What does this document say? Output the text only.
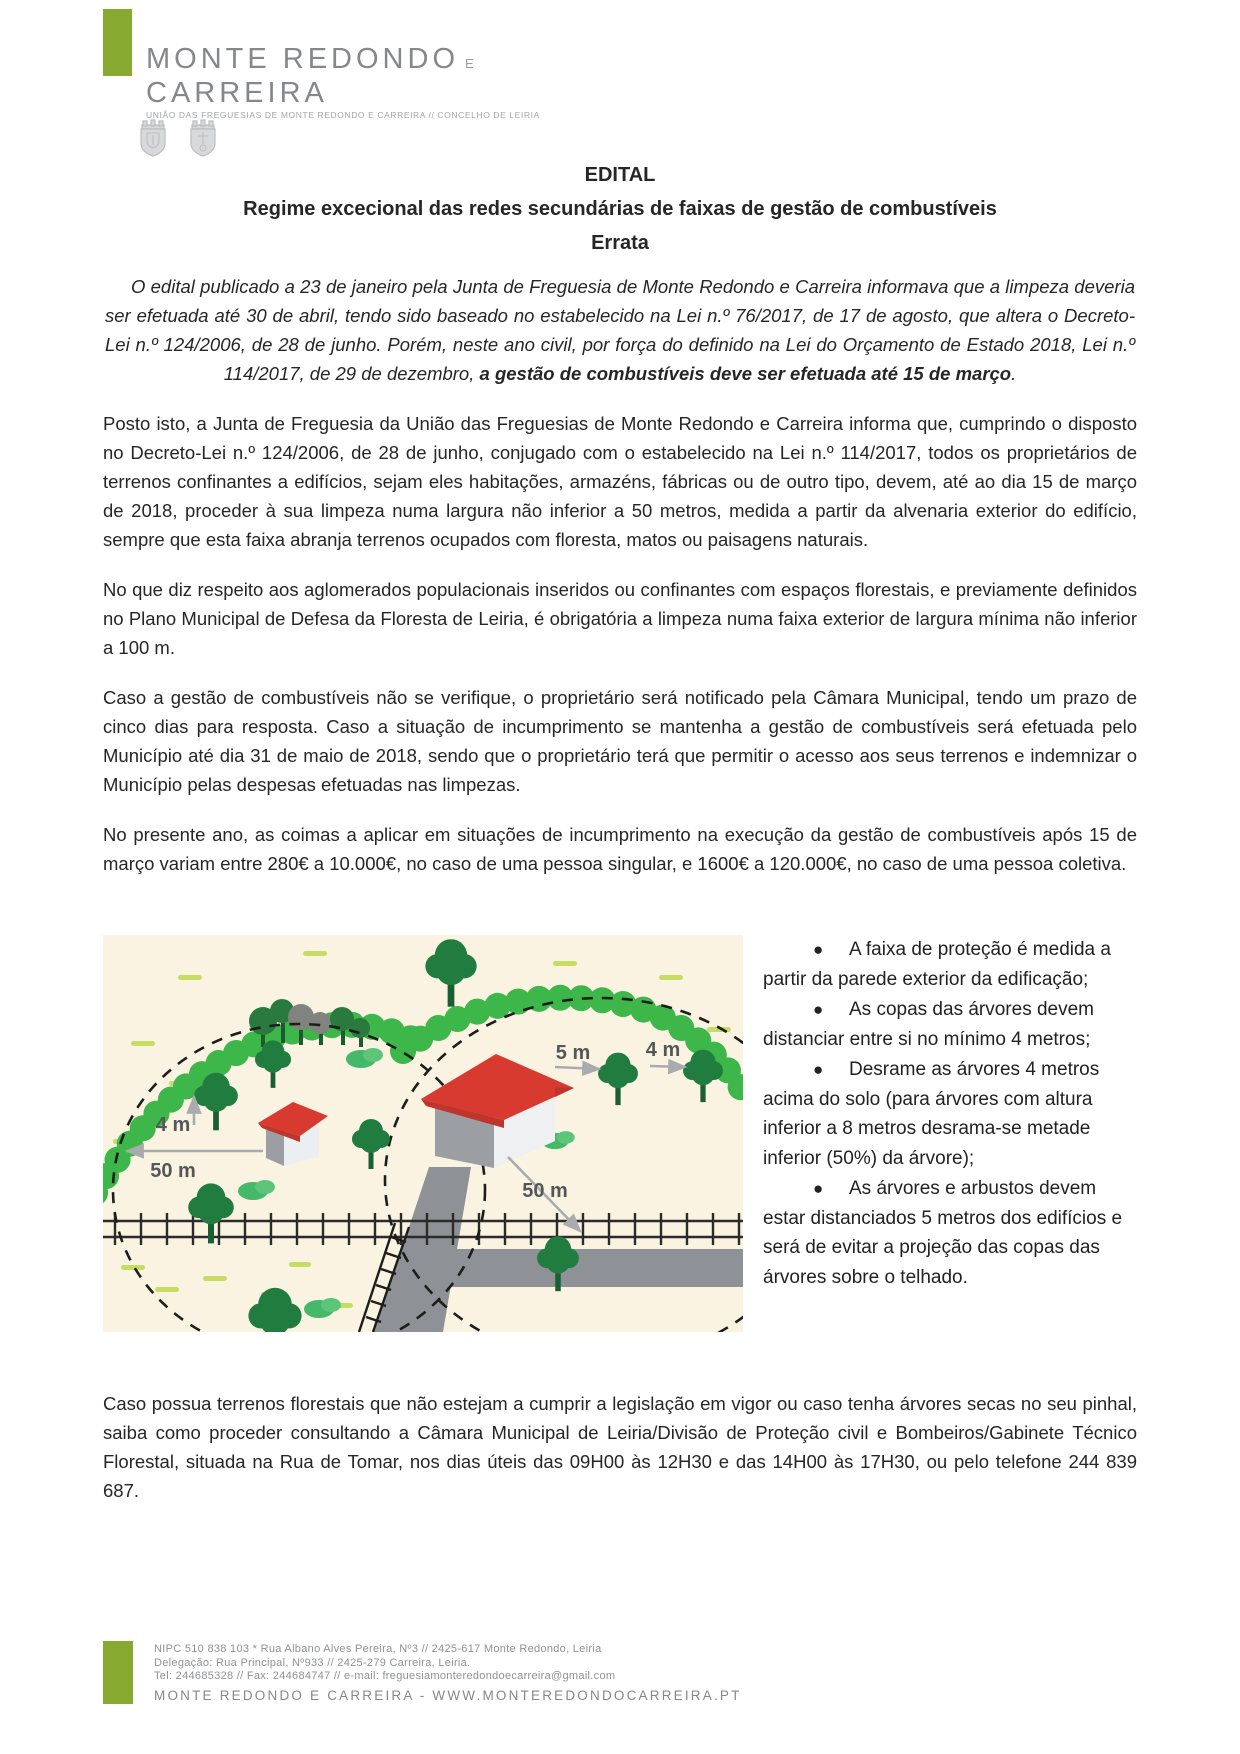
MONTE REDONDO E
CARREIRA
UNIÃO DAS FREGUESIAS DE MONTE REDONDO E CARREIRA // CONCELHO DE LEIRIA
EDITAL
Regime excecional das redes secundárias de faixas de gestão de combustíveis
Errata

O edital publicado a 23 de janeiro pela Junta de Freguesia de Monte Redondo e Carreira informava que a limpeza deveria ser efetuada até 30 de abril, tendo sido baseado no estabelecido na Lei n.º 76/2017, de 17 de agosto, que altera o Decreto-Lei n.º 124/2006, de 28 de junho. Porém, neste ano civil, por força do definido na Lei do Orçamento de Estado 2018, Lei n.º 114/2017, de 29 de dezembro, a gestão de combustíveis deve ser efetuada até 15 de março.

Posto isto, a Junta de Freguesia da União das Freguesias de Monte Redondo e Carreira informa que, cumprindo o disposto no Decreto-Lei n.º 124/2006, de 28 de junho, conjugado com o estabelecido na Lei n.º 114/2017, todos os proprietários de terrenos confinantes a edifícios, sejam eles habitações, armazéns, fábricas ou de outro tipo, devem, até ao dia 15 de março de 2018, proceder à sua limpeza numa largura não inferior a 50 metros, medida a partir da alvenaria exterior do edifício, sempre que esta faixa abranja terrenos ocupados com floresta, matos ou paisagens naturais.

No que diz respeito aos aglomerados populacionais inseridos ou confinantes com espaços florestais, e previamente definidos no Plano Municipal de Defesa da Floresta de Leiria, é obrigatória a limpeza numa faixa exterior de largura mínima não inferior a 100 m.

Caso a gestão de combustíveis não se verifique, o proprietário será notificado pela Câmara Municipal, tendo um prazo de cinco dias para resposta. Caso a situação de incumprimento se mantenha a gestão de combustíveis será efetuada pelo Município até dia 31 de maio de 2018, sendo que o proprietário terá que permitir o acesso aos seus terrenos e indemnizar o Município pelas despesas efetuadas nas limpezas.

No presente ano, as coimas a aplicar em situações de incumprimento na execução da gestão de combustíveis após 15 de março variam entre 280€ a 10.000€, no caso de uma pessoa singular, e 1600€ a 120.000€, no caso de uma pessoa coletiva.

4 m
50 m
5 m	4 m
50 m

● A faixa de proteção é medida a partir da parede exterior da edificação;

● As copas das árvores devem distanciar entre si no mínimo 4 metros;

● Desrame as árvores 4 metros acima do solo (para árvores com altura inferior a 8 metros desrama-se metade inferior (50%) da árvore);

● As árvores e arbustos devem estar distanciados 5 metros dos edifícios e será de evitar a projeção das copas das árvores sobre o telhado.

Caso possua terrenos florestais que não estejam a cumprir a legislação em vigor ou caso tenha árvores secas no seu pinhal, saiba como proceder consultando a Câmara Municipal de Leiria/Divisão de Proteção civil e Bombeiros/Gabinete Técnico Florestal, situada na Rua de Tomar, nos dias úteis das 09H00 às 12H30 e das 14H00 às 17H30, ou pelo telefone 244 839 687.

NIPC 510 838 103 * Rua Albano Alves Pereira, Nº3 // 2425-617 Monte Redondo, Leiria
Delegação: Rua Principal, Nº933 // 2425-279 Carreira, Leiria.
Tel: 244685328 // Fax: 244684747 // e-mail: freguesiamonteredondoecarreira@gmail.com
MONTE REDONDO E CARREIRA - WWW.MONTEREDONDOCARREIRA.PT
